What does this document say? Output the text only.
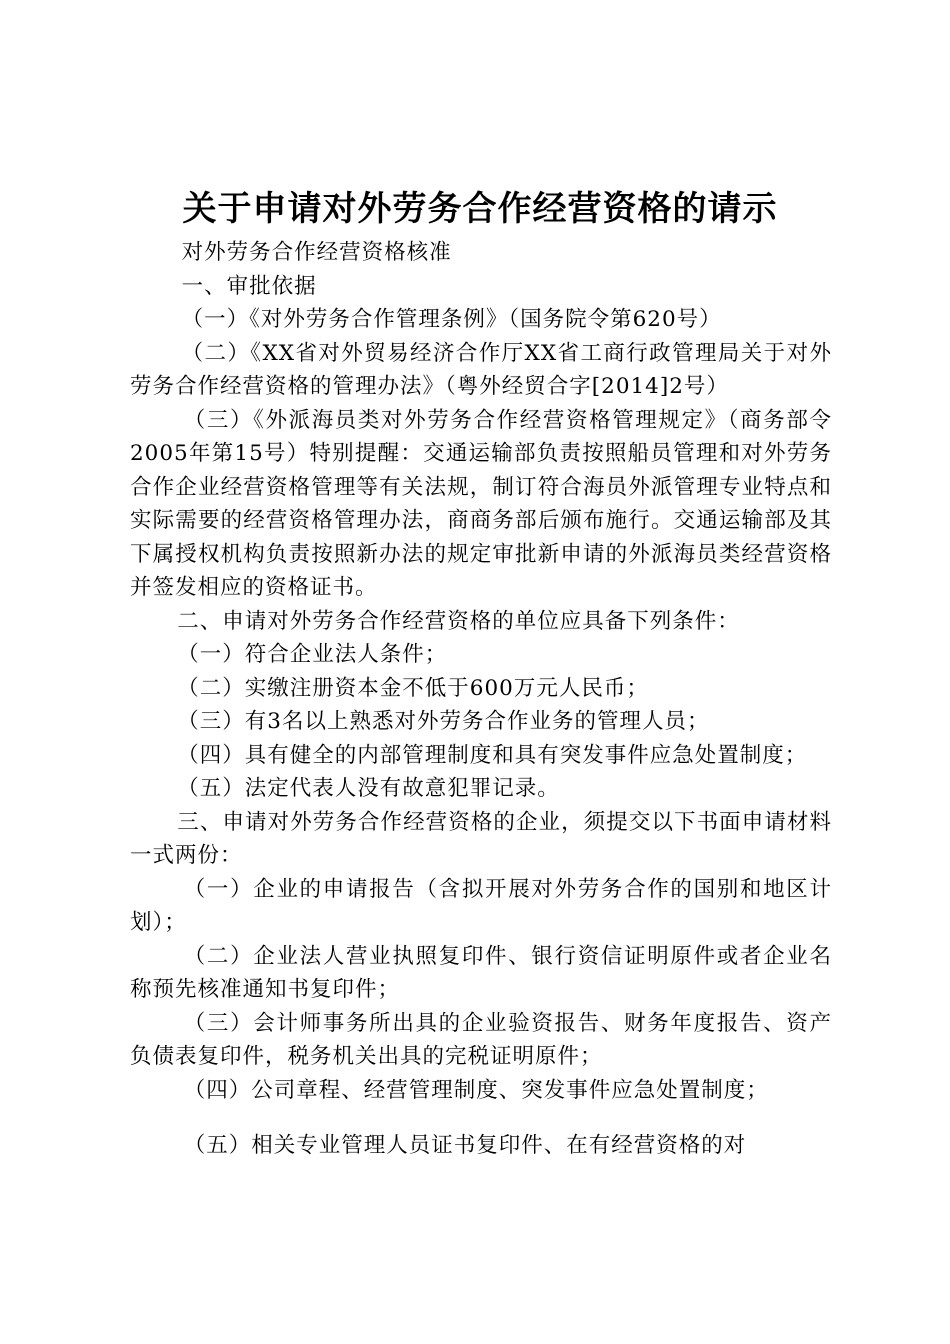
关于申请对外劳务合作经营资格的请示

对外劳务合作经营资格核准

一、审批依据

（一）《对外劳务合作管理条例》（国务院令第620号）

（二）《XX省对外贸易经济合作厅XX省工商行政管理局关于对外劳务合作经营资格的管理办法》（粤外经贸合字[2014]2号）

（三）《外派海员类对外劳务合作经营资格管理规定》（商务部令2005年第15号）特别提醒：交通运输部负责按照船员管理和对外劳务合作企业经营资格管理等有关法规，制订符合海员外派管理专业特点和实际需要的经营资格管理办法，商商务部后颁布施行。交通运输部及其下属授权机构负责按照新办法的规定审批新申请的外派海员类经营资格并签发相应的资格证书。

二、申请对外劳务合作经营资格的单位应具备下列条件：

（一）符合企业法人条件；

（二）实缴注册资本金不低于600万元人民币；

（三）有3名以上熟悉对外劳务合作业务的管理人员；

（四）具有健全的内部管理制度和具有突发事件应急处置制度；

（五）法定代表人没有故意犯罪记录。

三、申请对外劳务合作经营资格的企业，须提交以下书面申请材料一式两份：

（一）企业的申请报告（含拟开展对外劳务合作的国别和地区计划）；

（二）企业法人营业执照复印件、银行资信证明原件或者企业名称预先核准通知书复印件；

（三）会计师事务所出具的企业验资报告、财务年度报告、资产负债表复印件，税务机关出具的完税证明原件；

（四）公司章程、经营管理制度、突发事件应急处置制度；

（五）相关专业管理人员证书复印件、在有经营资格的对
